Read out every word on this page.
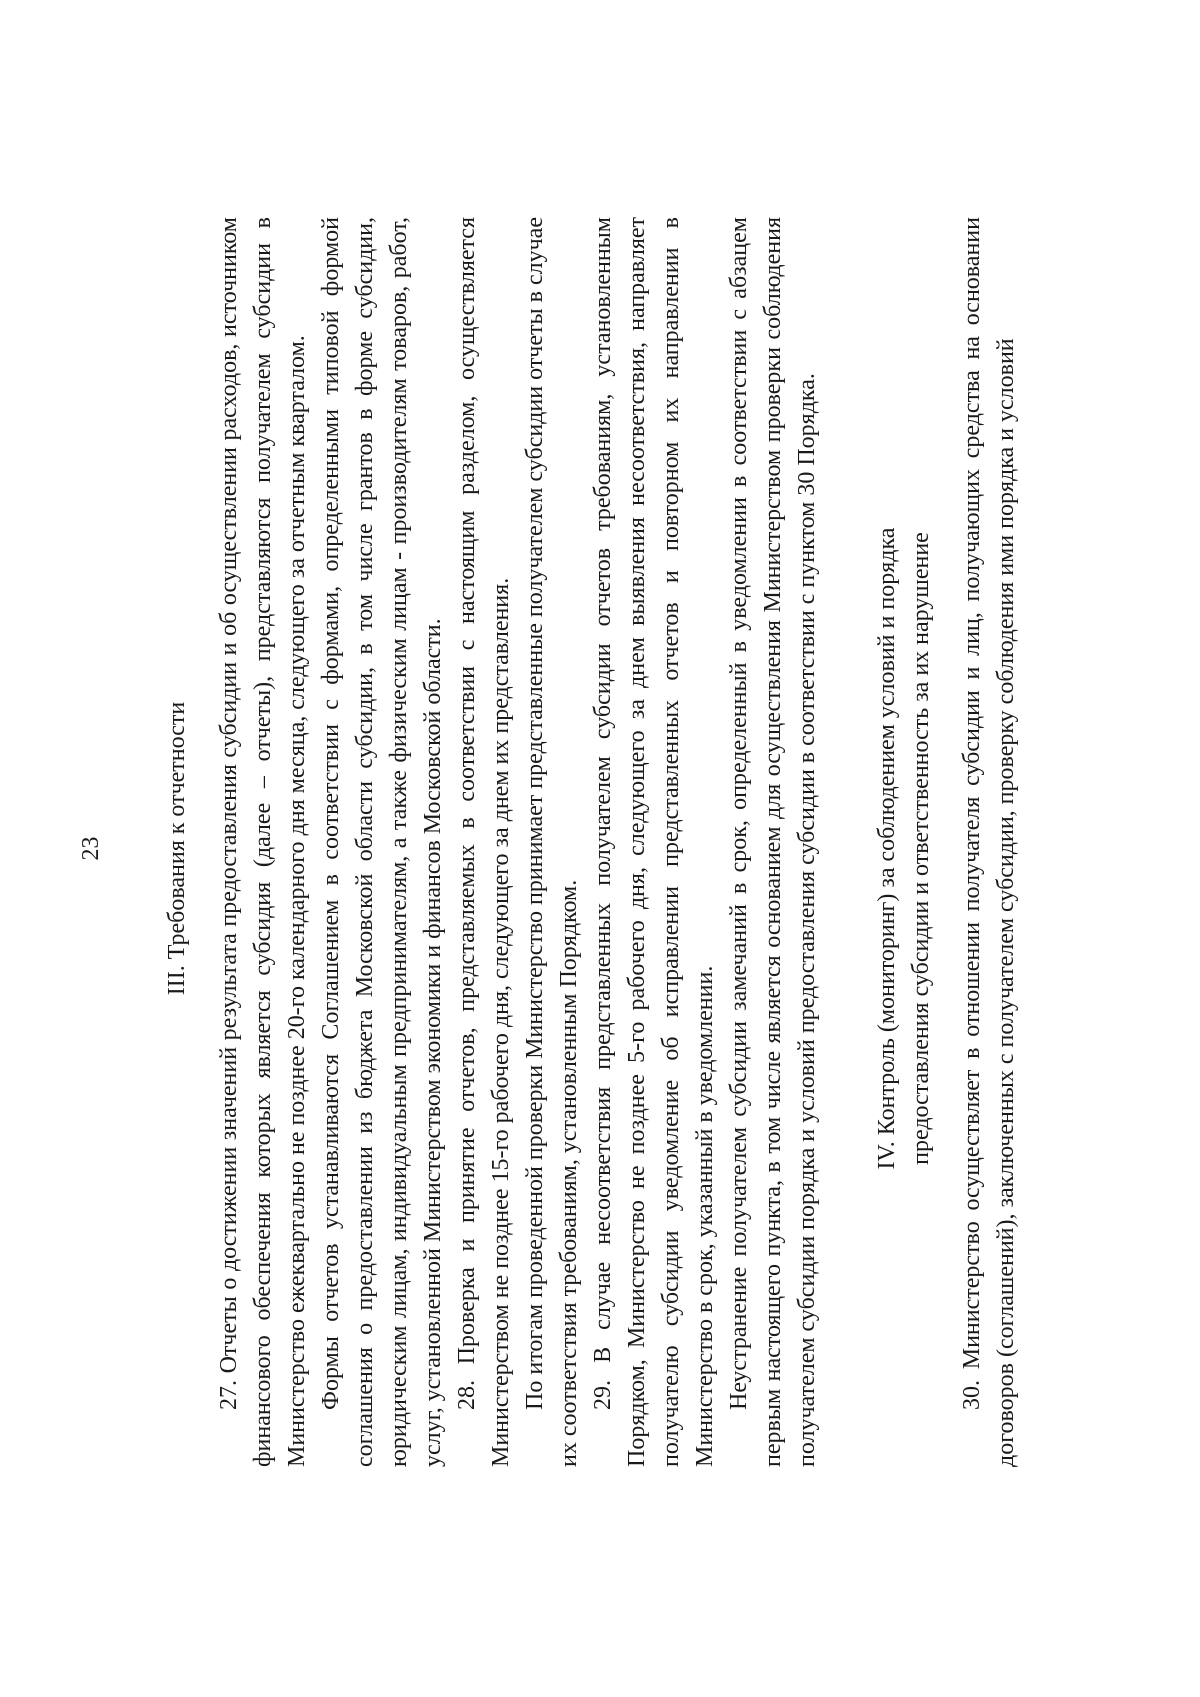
23	III. Требования к отчетности 27. Отчеты о достижении значений результата предоставления субсидии и об осуществлении расходов, источником финансового обеспечения которых является субсидия (далее – отчеты), представляются получателем субсидии в Министерство ежеквартально не позднее 20-го календарного дня месяца, следующего за отчетным кварталом. Формы отчетов устанавливаются Соглашением в соответствии с формами, определенными типовой формой соглашения о предоставлении из бюджета Московской области субсидии, в том числе грантов в форме субсидии, юридическим лицам, индивидуальным предпринимателям, а также физическим лицам - производителям товаров, работ, услуг, установленной Министерством экономики и финансов Московской области. 28. Проверка и принятие отчетов, представляемых в соответствии с настоящим разделом, осуществляется Министерством не позднее 15-го рабочего дня, следующего за днем их представления. По итогам проведенной проверки Министерство принимает представленные получателем субсидии отчеты в случае их соответствия требованиям, установленным Порядком. 29. В случае несоответствия представленных получателем субсидии отчетов требованиям, установленным Порядком, Министерство не позднее 5-го рабочего дня, следующего за днем выявления несоответствия, направляет получателю субсидии уведомление об исправлении представленных отчетов и повторном их направлении в Министерство в срок, указанный в уведомлении. Неустранение получателем субсидии замечаний в срок, определенный в уведомлении в соответствии с абзацем первым настоящего пункта, в том числе является основанием для осуществления Министерством проверки соблюдения получателем субсидии порядка и условий предоставления субсидии в соответствии с пунктом 30 Порядка. IV. Контроль (мониторинг) за соблюдением условий и порядка предоставления субсидии и ответственность за их нарушение 30. Министерство осуществляет в отношении получателя субсидии и лиц, получающих средства на основании договоров (соглашений), заключенных с получателем субсидии, проверку соблюдения ими порядка и условий
